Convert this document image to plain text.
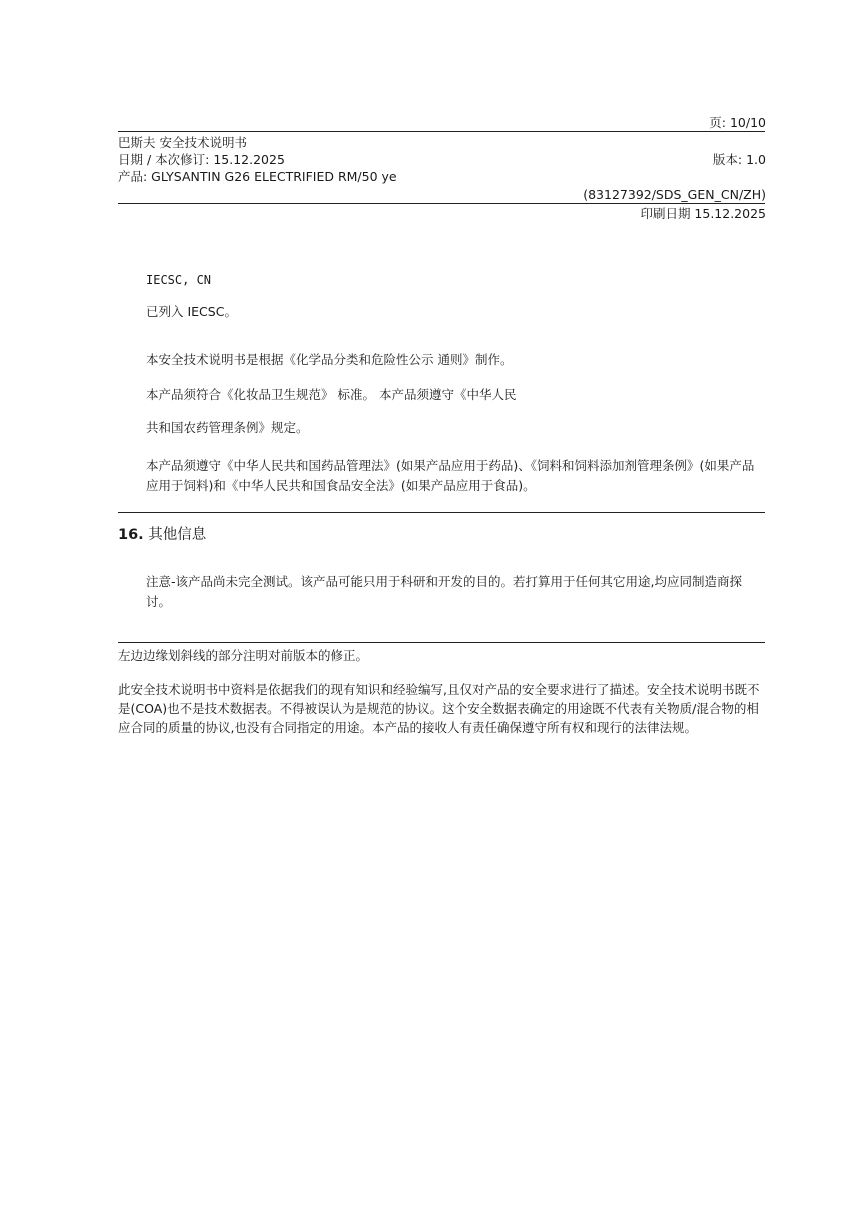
页: 10/10
巴斯夫 安全技术说明书
日期 / 本次修订: 15.12.2025	版本: 1.0
产品: GLYSANTIN G26 ELECTRIFIED RM/50 ye
(83127392/SDS_GEN_CN/ZH)
印刷日期 15.12.2025
IECSC, CN
已列入 IECSC。
本安全技术说明书是根据《化学品分类和危险性公示 通则》制作。
本产品须符合《化妆品卫生规范》 标准。 本产品须遵守《中华人民
共和国农药管理条例》规定。
本产品须遵守《中华人民共和国药品管理法》(如果产品应用于药品)、《饲料和饲料添加剂管理条例》(如果产品应用于饲料)和《中华人民共和国食品安全法》(如果产品应用于食品)。
16. 其他信息
注意-该产品尚未完全测试。该产品可能只用于科研和开发的目的。若打算用于任何其它用途,均应同制造商探讨。
左边边缘划斜线的部分注明对前版本的修正。
此安全技术说明书中资料是依据我们的现有知识和经验编写,且仅对产品的安全要求进行了描述。安全技术说明书既不是(COA)也不是技术数据表。不得被误认为是规范的协议。这个安全数据表确定的用途既不代表有关物质/混合物的相应合同的质量的协议,也没有合同指定的用途。本产品的接收人有责任确保遵守所有权和现行的法律法规。
